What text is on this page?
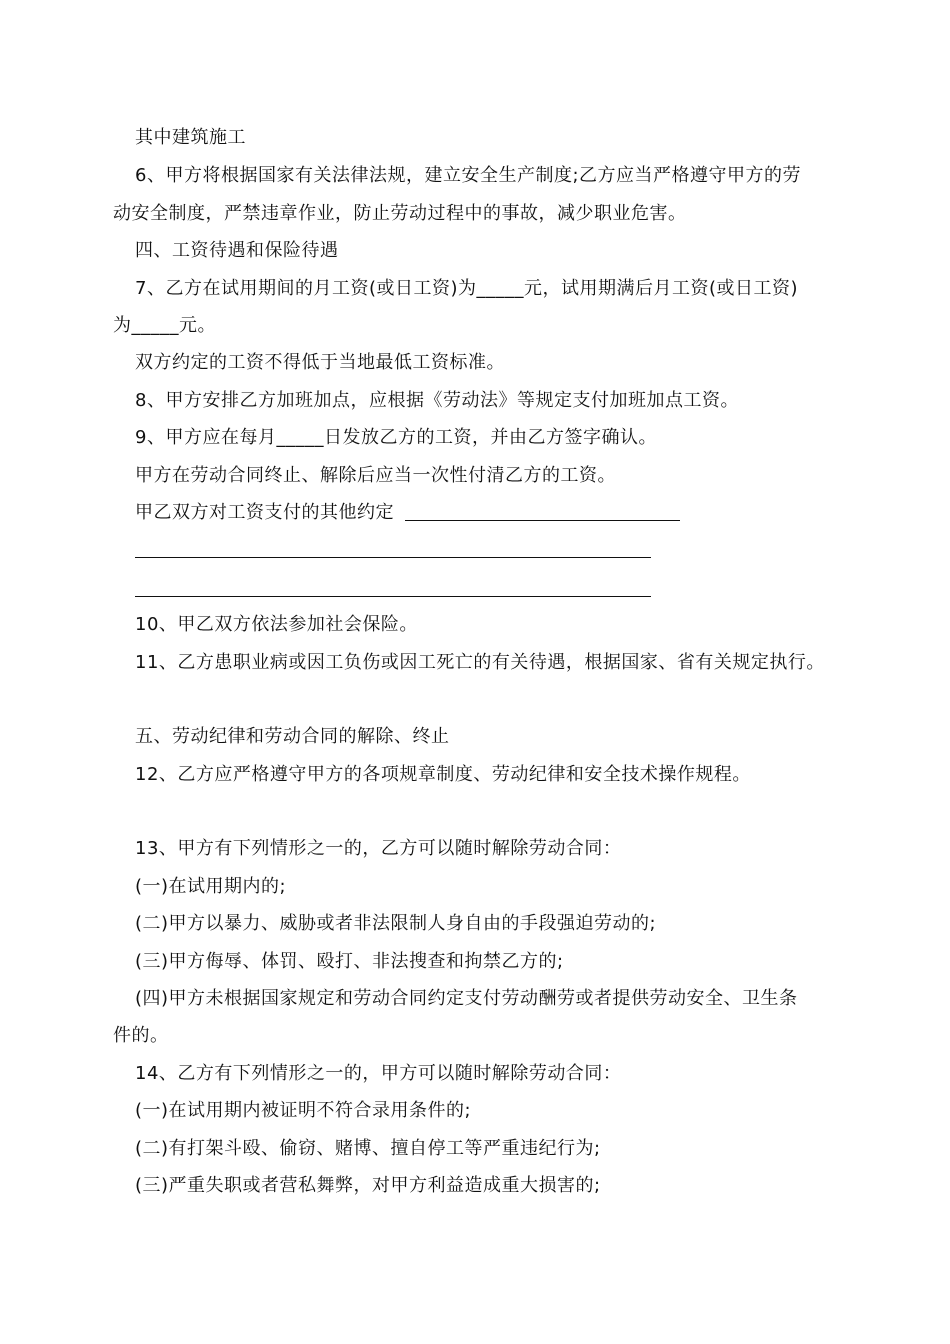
其中建筑施工
6、甲方将根据国家有关法律法规，建立安全生产制度;乙方应当严格遵守甲方的劳
动安全制度，严禁违章作业，防止劳动过程中的事故，减少职业危害。
四、工资待遇和保险待遇
7、乙方在试用期间的月工资(或日工资)为_____元，试用期满后月工资(或日工资)
为_____元。
双方约定的工资不得低于当地最低工资标准。
8、甲方安排乙方加班加点，应根据《劳动法》等规定支付加班加点工资。
9、甲方应在每月_____日发放乙方的工资，并由乙方签字确认。
甲方在劳动合同终止、解除后应当一次性付清乙方的工资。
甲乙双方对工资支付的其他约定
10、甲乙双方依法参加社会保险。
11、乙方患职业病或因工负伤或因工死亡的有关待遇，根据国家、省有关规定执行。
五、劳动纪律和劳动合同的解除、终止
12、乙方应严格遵守甲方的各项规章制度、劳动纪律和安全技术操作规程。
13、甲方有下列情形之一的，乙方可以随时解除劳动合同：
(一)在试用期内的;
(二)甲方以暴力、威胁或者非法限制人身自由的手段强迫劳动的;
(三)甲方侮辱、体罚、殴打、非法搜查和拘禁乙方的;
(四)甲方未根据国家规定和劳动合同约定支付劳动酬劳或者提供劳动安全、卫生条
件的。
14、乙方有下列情形之一的，甲方可以随时解除劳动合同：
(一)在试用期内被证明不符合录用条件的;
(二)有打架斗殴、偷窃、赌博、擅自停工等严重违纪行为;
(三)严重失职或者营私舞弊，对甲方利益造成重大损害的;
